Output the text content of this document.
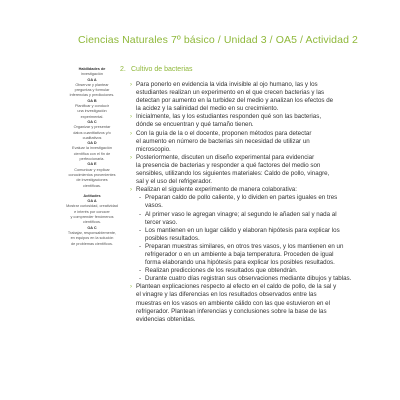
Ciencias Naturales 7º básico / Unidad 3 / OA5 / Actividad 2
Habilidades de
investigación
OA A
Observar y plantear
preguntas y formular
inferencias y predicciones.
OA B
Planificar y conducir
una investigación
experimental.
OA C
Organizar y presentar
datos cuantitativos y/o
cualitativos
OA D
Evaluar la investigación
científica con el fin de
perfeccionarla.
OA E
Comunicar y explicar
conocimientos provenientes
de investigaciones
científicas.
Actitudes
OA A
Mostrar curiosidad, creatividad
e interés por conocer
y comprender fenómenos
científicos.
OA C
Trabajar, responsablemente,
en equipos en la solución
de problemas científicos.
2. Cultivo de bacterias
› Para ponerlo en evidencia la vida invisible al ojo humano, las y los
estudiantes realizan un experimento en el que crecen bacterias y las
detectan por aumento en la turbidez del medio y analizan los efectos de
la acidez y la salinidad del medio en su crecimiento.
› Inicialmente, las y los estudiantes responden qué son las bacterias,
dónde se encuentran y qué tamaño tienen.
› Con la guía de la o el docente, proponen métodos para detectar
el aumento en número de bacterias sin necesidad de utilizar un
microscopio.
› Posteriormente, discuten un diseño experimental para evidenciar
la presencia de bacterias y responder a qué factores del medio son
sensibles, utilizando los siguientes materiales: Caldo de pollo, vinagre,
sal y el uso del refrigerador.
› Realizan el siguiente experimento de manera colaborativa:
- Preparan caldo de pollo caliente, y lo dividen en partes iguales en tres
vasos.
- Al primer vaso le agregan vinagre; al segundo le añaden sal y nada al
tercer vaso.
- Los mantienen en un lugar cálido y elaboran hipótesis para explicar los
posibles resultados.
- Preparan muestras similares, en otros tres vasos, y los mantienen en un
refrigerador o en un ambiente a baja temperatura. Proceden de igual
forma elaborando una hipótesis para explicar los posibles resultados.
- Realizan predicciones de los resultados que obtendrán.
- Durante cuatro días registran sus observaciones mediante dibujos y tablas.
› Plantean explicaciones respecto al efecto en el caldo de pollo, de la sal y
el vinagre y las diferencias en los resultados observados entre las
muestras en los vasos en ambiente cálido con las que estuvieron en el
refrigerador. Plantean inferencias y conclusiones sobre la base de las
evidencias obtenidas.
